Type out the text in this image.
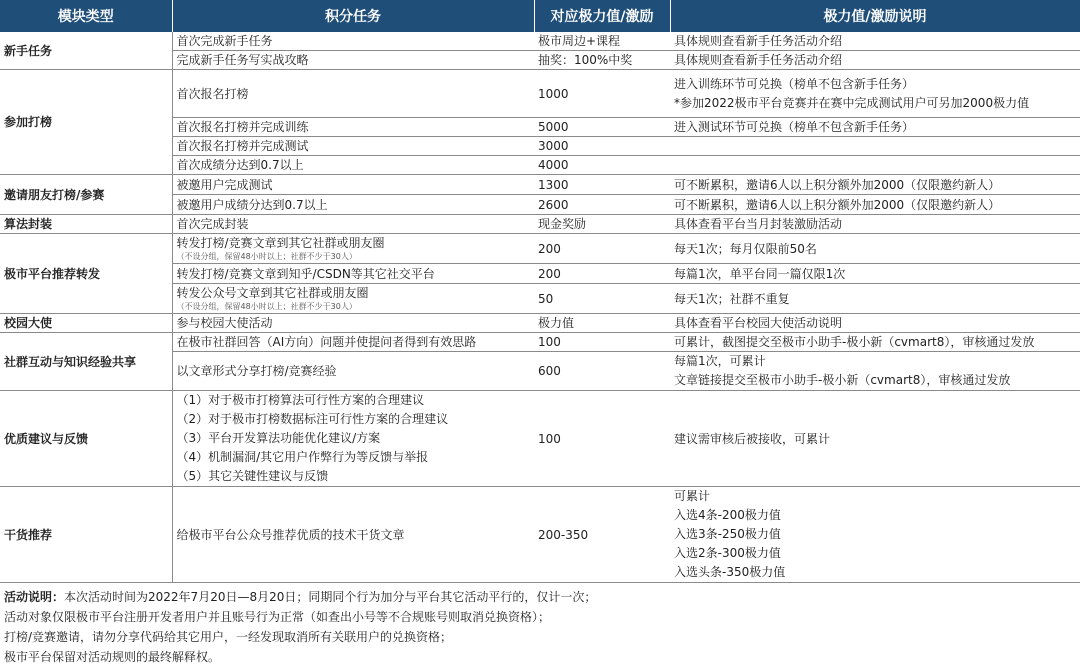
模块类型	积分任务	对应极力值/激励	极力值/激励说明
新手任务	首次完成新手任务	极市周边+课程	具体规则查看新手任务活动介绍
	完成新手任务写实战攻略	抽奖：100%中奖	具体规则查看新手任务活动介绍
参加打榜	首次报名打榜	1000	进入训练环节可兑换（榜单不包含新手任务）
*参加2022极市平台竞赛并在赛中完成测试用户可另加2000极力值

	首次报名打榜并完成训练	5000	进入测试环节可兑换（榜单不包含新手任务）
	首次报名打榜并完成测试	3000	
	首次成绩分达到0.7以上	4000	
邀请朋友打榜/参赛	被邀用户完成测试	1300	可不断累积，邀请6人以上积分额外加2000（仅限邀约新人）
	被邀用户成绩分达到0.7以上	2600	可不断累积，邀请6人以上积分额外加2000（仅限邀约新人）
算法封装	首次完成封装	现金奖励	具体查看平台当月封装激励活动
极市平台推荐转发	转发打榜/竞赛文章到其它社群或朋友圈
（不设分组，保留48小时以上；社群不少于30人）	200	每天1次；每月仅限前50名
	转发打榜/竞赛文章到知乎/CSDN等其它社交平台	200	每篇1次，单平台同一篇仅限1次

	转发公众号文章到其它社群或朋友圈
（不设分组，保留48小时以上；社群不少于30人）	50	每天1次；社群不重复
校园大使	参与校园大使活动	极力值	具体查看平台校园大使活动说明
社群互动与知识经验共享	在极市社群回答（AI方向）问题并使提问者得到有效思路	100	可累计，截图提交至极市小助手-极小新（cvmart8），审核通过发放
	以文章形式分享打榜/竞赛经验	600	每篇1次，可累计
文章链接提交至极市小助手-极小新（cvmart8），审核通过发放

优质建议与反馈	（1）对于极市打榜算法可行性方案的合理建议
（2）对于极市打榜数据标注可行性方案的合理建议
（3）平台开发算法功能优化建议/方案
（4）机制漏洞/其它用户作弊行为等反馈与举报
（5）其它关键性建议与反馈	100	建议需审核后被接收，可累计
干货推荐	给极市平台公众号推荐优质的技术干货文章	200-350	可累计
入选4条-200极力值
入选3条-250极力值
入选2条-300极力值
入选头条-350极力值
活动说明：本次活动时间为2022年7月20日—8月20日；同期同个行为加分与平台其它活动平行的，仅计一次；
活动对象仅限极市平台注册开发者用户并且账号行为正常（如查出小号等不合规账号则取消兑换资格）；
打榜/竞赛邀请，请勿分享代码给其它用户，一经发现取消所有关联用户的兑换资格；
极市平台保留对活动规则的最终解释权。
